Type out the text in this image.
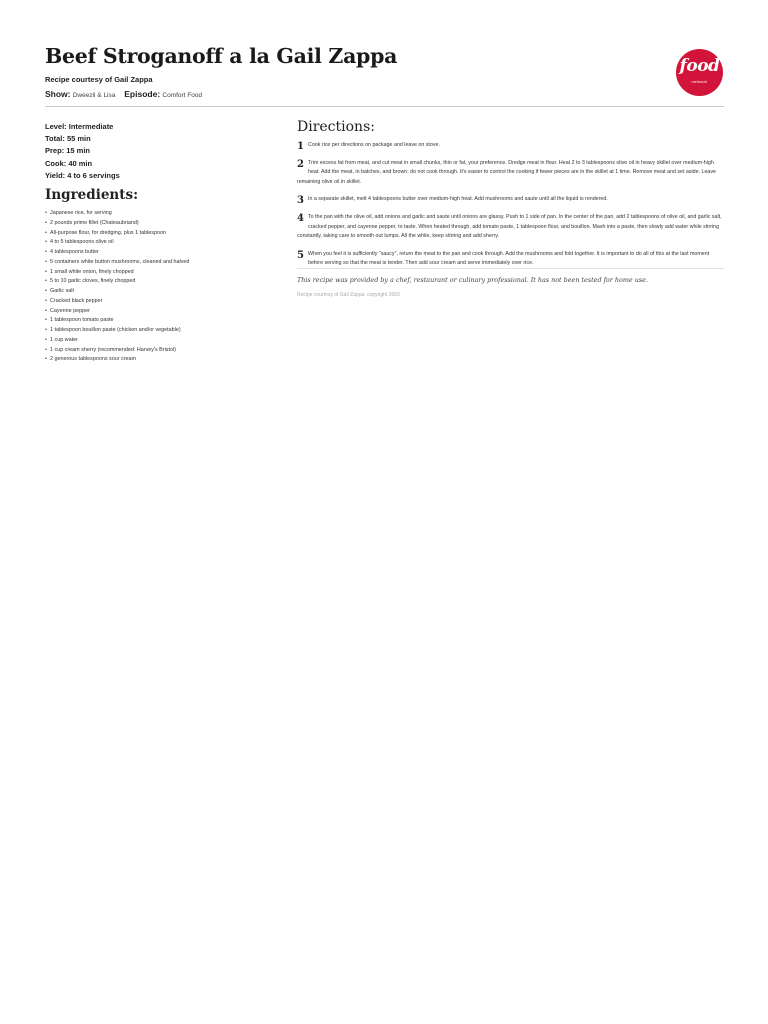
Beef Stroganoff a la Gail Zappa
Recipe courtesy of Gail Zappa
Show: Dweezil & Lisa Episode: Comfort Food
food
network
Level: Intermediate
Total: 55 min
Prep: 15 min
Cook: 40 min
Yield: 4 to 6 servings
Ingredients:
• Japanese rice, for serving
• 2 pounds prime fillet (Chateaubriand)
• All-purpose flour, for dredging, plus 1 tablespoon
• 4 to 5 tablespoons olive oil
• 4 tablespoons butter
• 5 containers white button mushrooms, cleaned and halved
• 1 small white onion, finely chopped
• 5 to 10 garlic cloves, finely chopped
• Garlic salt
• Cracked black pepper
• Cayenne pepper
• 1 tablespoon tomato paste
• 1 tablespoon bouillon paste (chicken and/or vegetable)
• 1 cup water
• 1 cup cream sherry (recommended: Harvey's Bristol)
• 2 generous tablespoons sour cream
Directions:
1 Cook rice per directions on package and leave on stove.
2 Trim excess fat from meat, and cut meat in small chunks, thin or fat, your preference. Dredge meat in flour. Heat 2 to 3 tablespoons olive oil in heavy skillet over medium-high heat. Add the meat, in batches, and brown; do not cook through. It's easier to control the cooking if fewer pieces are in the skillet at 1 time. Remove meat and set aside. Leave remaining olive oil in skillet.
3 In a separate skillet, melt 4 tablespoons butter over medium-high heat. Add mushrooms and saute until all the liquid is rendered.
4 To the pan with the olive oil, add onions and garlic and saute until onions are glassy. Push to 1 side of pan. In the center of the pan, add 2 tablespoons of olive oil, and garlic salt, cracked pepper, and cayenne pepper, to taste. When heated through, add tomato paste, 1 tablespoon flour, and bouillon. Mash into a paste, then slowly add water while stirring constantly, taking care to smooth out lumps. All the while, keep stirring and add sherry.
5 When you feel it is sufficiently "saucy", return the meat to the pan and cook through. Add the mushrooms and fold together. It is important to do all of this at the last moment before serving so that the meat is tender. Then add sour cream and serve immediately over rice.
This recipe was provided by a chef, restaurant or culinary professional. It has not been tested for home use.
Recipe courtesy of Gail Zappa, copyright 2003
